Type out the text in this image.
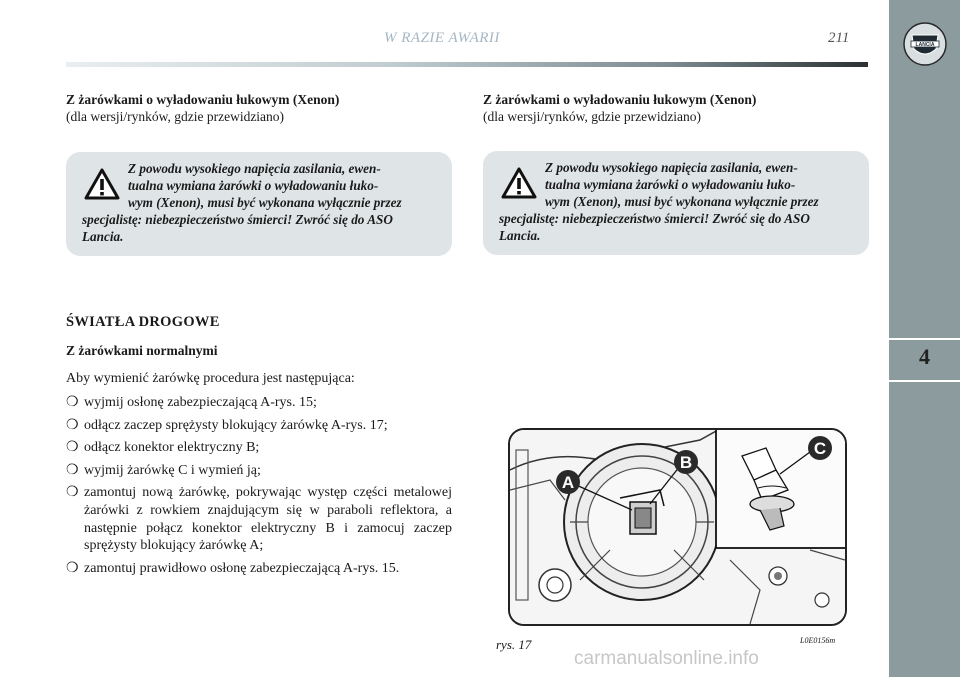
LANCIA
4
W RAZIE AWARII	211
Z żarówkami o wyładowaniu łukowym (Xenon)
(dla wersji/rynków, gdzie przewidziano)
Z powodu wysokiego napięcia zasilania, ewen-
tualna wymiana żarówki o wyładowaniu łuko-
wym (Xenon), musi być wykonana wyłącznie przez
specjalistę: niebezpieczeństwo śmierci! Zwróć się do ASO
Lancia.
Z żarówkami o wyładowaniu łukowym (Xenon)
(dla wersji/rynków, gdzie przewidziano)
Z powodu wysokiego napięcia zasilania, ewen-
tualna wymiana żarówki o wyładowaniu łuko-
wym (Xenon), musi być wykonana wyłącznie przez
specjalistę: niebezpieczeństwo śmierci! Zwróć się do ASO
Lancia.
ŚWIATŁA DROGOWE
Z żarówkami normalnymi
Aby wymienić żarówkę procedura jest następująca:
❍ wyjmij osłonę zabezpieczającą A-rys. 15;
❍ odłącz zaczep sprężysty blokujący żarówkę A-rys. 17;
❍ odłącz konektor elektryczny B;
❍ wyjmij żarówkę C i wymień ją;
❍ zamontuj nową żarówkę, pokrywając występ części metalowej żarówki z rowkiem znajdującym się w paraboli reflektora, a następnie połącz konektor elektryczny B i zamocuj zaczep sprężysty blokujący żarówkę A;
❍ zamontuj prawidłowo osłonę zabezpieczającą A-rys. 15.
A
B
C
rys. 17	L0E0156m
carmanualsonline.info
